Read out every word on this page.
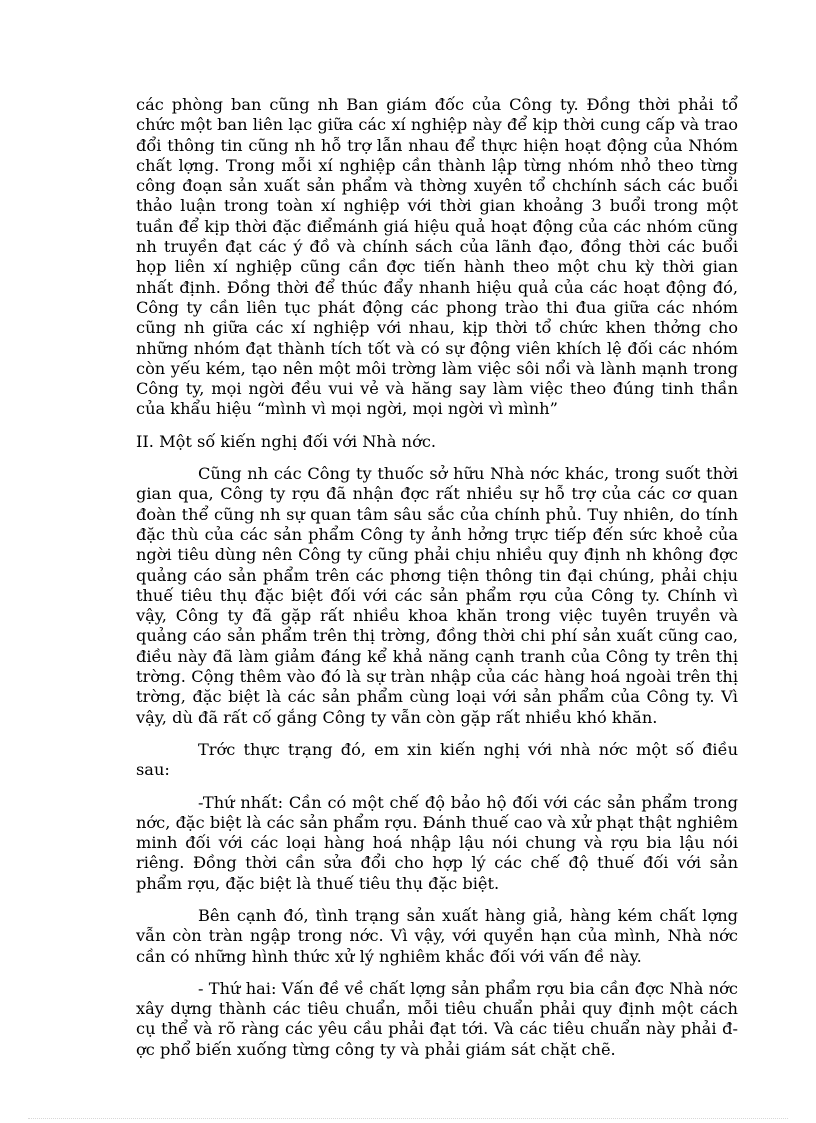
các phòng ban cũng nh Ban giám đốc của Công ty. Đồng thời phải tổ chức một ban liên lạc giữa các xí nghiệp này để kịp thời cung cấp và trao đổi thông tin cũng nh hỗ trợ lẫn nhau để thực hiện hoạt động của Nhóm chất lợng. Trong mỗi xí nghiệp cần thành lập từng nhóm nhỏ theo từng công đoạn sản xuất sản phẩm và thờng xuyên tổ chchính sách các buổi thảo luận trong toàn xí nghiệp với thời gian khoảng 3 buổi trong một tuần để kịp thời đặc điểmánh giá hiệu quả hoạt động của các nhóm cũng nh truyền đạt các ý đồ và chính sách của lãnh đạo, đồng thời các buổi họp liên xí nghiệp cũng cần đợc tiến hành theo một chu kỳ thời gian nhất định. Đồng thời để thúc đẩy nhanh hiệu quả của các hoạt động đó, Công ty cần liên tục phát động các phong trào thi đua giữa các nhóm cũng nh giữa các xí nghiệp với nhau, kịp thời tổ chức khen thởng cho những nhóm đạt thành tích tốt và có sự động viên khích lệ đối các nhóm còn yếu kém, tạo nên một môi trờng làm việc sôi nổi và lành mạnh trong Công ty, mọi ngời đều vui vẻ và hăng say làm việc theo đúng tinh thần của khẩu hiệu “mình vì mọi ngời, mọi ngời vì mình”

II. Một số kiến nghị đối với Nhà nớc.

Cũng nh các Công ty thuốc sở hữu Nhà nớc khác, trong suốt thời gian qua, Công ty rợu đã nhận đợc rất nhiều sự hỗ trợ của các cơ quan đoàn thể cũng nh sự quan tâm sâu sắc của chính phủ. Tuy nhiên, do tính đặc thù của các sản phẩm Công ty ảnh hởng trực tiếp đến sức khoẻ của ngời tiêu dùng nên Công ty cũng phải chịu nhiều quy định nh không đợc quảng cáo sản phẩm trên các phơng tiện thông tin đại chúng, phải chịu thuế tiêu thụ đặc biệt đối với các sản phẩm rợu của Công ty. Chính vì vậy, Công ty đã gặp rất nhiều khoa khăn trong việc tuyên truyền và quảng cáo sản phẩm trên thị trờng, đồng thời chi phí sản xuất cũng cao, điều này đã làm giảm đáng kể khả năng cạnh tranh của Công ty trên thị trờng. Cộng thêm vào đó là sự tràn nhập của các hàng hoá ngoài trên thị trờng, đặc biệt là các sản phẩm cùng loại với sản phẩm của Công ty. Vì vậy, dù đã rất cố gắng Công ty vẫn còn gặp rất nhiều khó khăn.

Trớc thực trạng đó, em xin kiến nghị với nhà nớc một số điều sau:

-Thứ nhất: Cần có một chế độ bảo hộ đối với các sản phẩm trong nớc, đặc biệt là các sản phẩm rợu. Đánh thuế cao và xử phạt thật nghiêm minh đối với các loại hàng hoá nhập lậu nói chung và rợu bia lậu nói riêng. Đồng thời cần sửa đổi cho hợp lý các chế độ thuế đối với sản phẩm rợu, đặc biệt là thuế tiêu thụ đặc biệt.

Bên cạnh đó, tình trạng sản xuất hàng giả, hàng kém chất lợng vẫn còn tràn ngập trong nớc. Vì vậy, với quyền hạn của mình, Nhà nớc cần có những hình thức xử lý nghiêm khắc đối với vấn đề này.

- Thứ hai: Vấn đề về chất lợng sản phẩm rợu bia cần đợc Nhà nớc xây dựng thành các tiêu chuẩn, mỗi tiêu chuẩn phải quy định một cách cụ thể và rõ ràng các yêu cầu phải đạt tới. Và các tiêu chuẩn này phải đợc phổ biến xuống từng công ty và phải giám sát chặt chẽ.
